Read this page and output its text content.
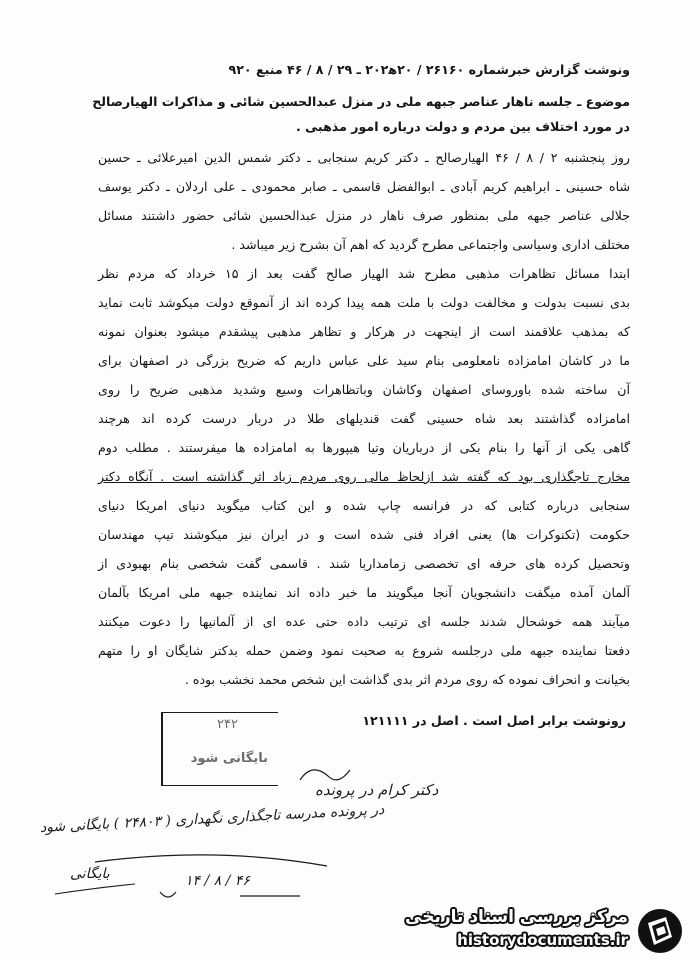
ونوشت گزارش خبرشماره ۲۶۱۶۰ / ۲۰ه‍۲۰۲ ـ ۲۹ / ۸ / ۴۶ منبع ۹۲۰
موضوع ـ جلسه ناهار عناصر جبهه ملی در منزل عبدالحسین شائی و مذاکرات الهیارصالح
در مورد اختلاف بین مردم و دولت درباره امور مذهبی .
روز پنجشنبه ۲ / ۸ / ۴۶ الهیارصالح ـ دکتر کریم سنجابی ـ دکتر شمس الدین امیرعلائی ـ حسین
شاه حسینی ـ ابراهیم کریم آبادی ـ ابوالفضل قاسمی ـ صابر محمودی ـ علی اردلان ـ دکتر یوسف
جلالی عناصر جبهه ملی بمنظور صرف ناهار در منزل عبدالحسین شائی حضور داشتند مسائل
مختلف اداری وسیاسی واجتماعی مطرح گردید که اهم آن بشرح زیر میباشد .
ابتدا مسائل تظاهرات مذهبی مطرح شد الهیار صالح گفت بعد از ۱۵ خرداد که مردم نظر
بدی نسبت بدولت و مخالفت دولت با ملت همه پیدا کرده اند از آنموقع دولت میکوشد ثابت نماید
که بمذهب علاقمند است از اینجهت در هرکار و تظاهر مذهبی پیشقدم میشود بعنوان نمونه
ما در کاشان امامزاده نامعلومی بنام سید علی عباس داریم که ضریح بزرگی در اصفهان برای
آن ساخته شده باوروسای اصفهان وکاشان وباتظاهرات وسیع وشدید مذهبی ضریح را روی
امامزاده گذاشتند بعد شاه حسینی گفت قندیلهای طلا در دربار درست کرده اند هرچند
گاهی یکی از آنها را بنام یکی از درباریان وتیا هیپورها به امامزاده ها میفرستند . مطلب دوم
مخارج تاجگذاری بود که گفته شد ازلحاظ مالی روی مردم زیاد اثر گذاشته است . آنگاه دکتر
سنجابی درباره کتابی که در فرانسه چاپ شده و این کتاب میگوید دنیای امریکا دنیای
حکومت (تکنوکرات ها) یعنی افراد فنی شده است و در ایران نیز میکوشند تیپ مهندسان
وتحصیل کرده های حرفه ای تخصصی زمامداربا شند . قاسمی گفت شخصی بنام بهبودی از
آلمان آمده میگفت دانشجویان آنجا میگویند ما خبر داده اند نماینده جبهه ملی امریکا بآلمان
میآیند همه خوشحال شدند جلسه ای ترتیب داده حتی عده ای از آلمانیها را دعوت میکنند
دفعتا نماینده جبهه ملی درجلسه شروع به صحبت نمود وضمن حمله بدکتر شایگان او را متهم
بخیانت و انحراف نموده که روی مردم اثر بدی گذاشت این شخص محمد نخشب بوده .
رونوشت برابر اصل است . اصل در ۱۲۱۱۱۱
۲۴۲
بایگانی شود
دکتر کرام در پرونده
در پرونده مدرسه تاجگذاری نگهداری ( ۲۴۸۰۳ ) بایگانی شود
۴۶ / ۸ / ۱۴
بایگانی
مرکز بررسی اسناد تاریخی
historydocuments.ir
